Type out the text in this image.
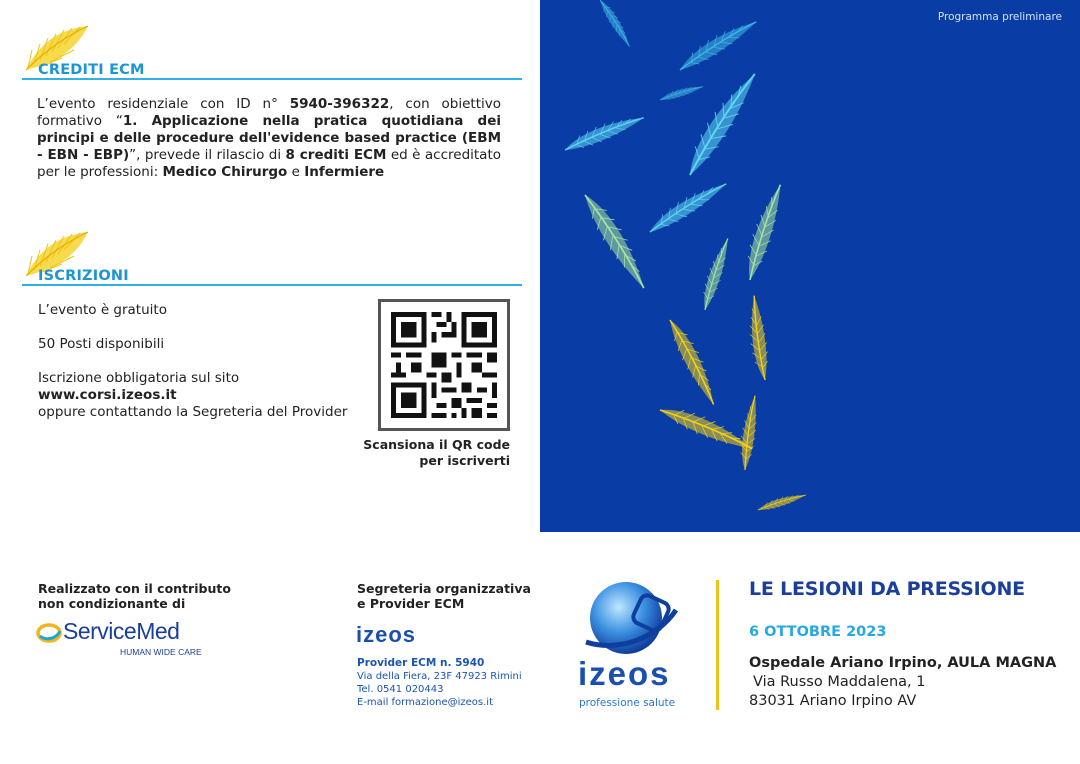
CREDITI ECM
L’evento residenziale con ID n° 5940-396322, con obiettivo formativo “1. Applicazione nella pratica quotidiana dei principi e delle procedure dell'evidence based practice (EBM - EBN - EBP)”, prevede il rilascio di 8 crediti ECM ed è accreditato per le professioni: Medico Chirurgo e Infermiere
ISCRIZIONI
L’evento è gratuito
50 Posti disponibili
Iscrizione obbligatoria sul sito
www.corsi.izeos.it
oppure contattando la Segreteria del Provider
Scansiona il QR code
per iscriverti
Programma preliminare
Realizzato con il contributo
non condizionante di
ServiceMed
HUMAN WIDE CARE
Segreteria organizzativa
e Provider ECM
izeos
Provider ECM n. 5940
Via della Fiera, 23F 47923 Rimini
Tel. 0541 020443
E-mail formazione@izeos.it
izeos
professione salute
LE LESIONI DA PRESSIONE
6 OTTOBRE 2023
Ospedale Ariano Irpino, AULA MAGNA
Via Russo Maddalena, 1
83031 Ariano Irpino AV
